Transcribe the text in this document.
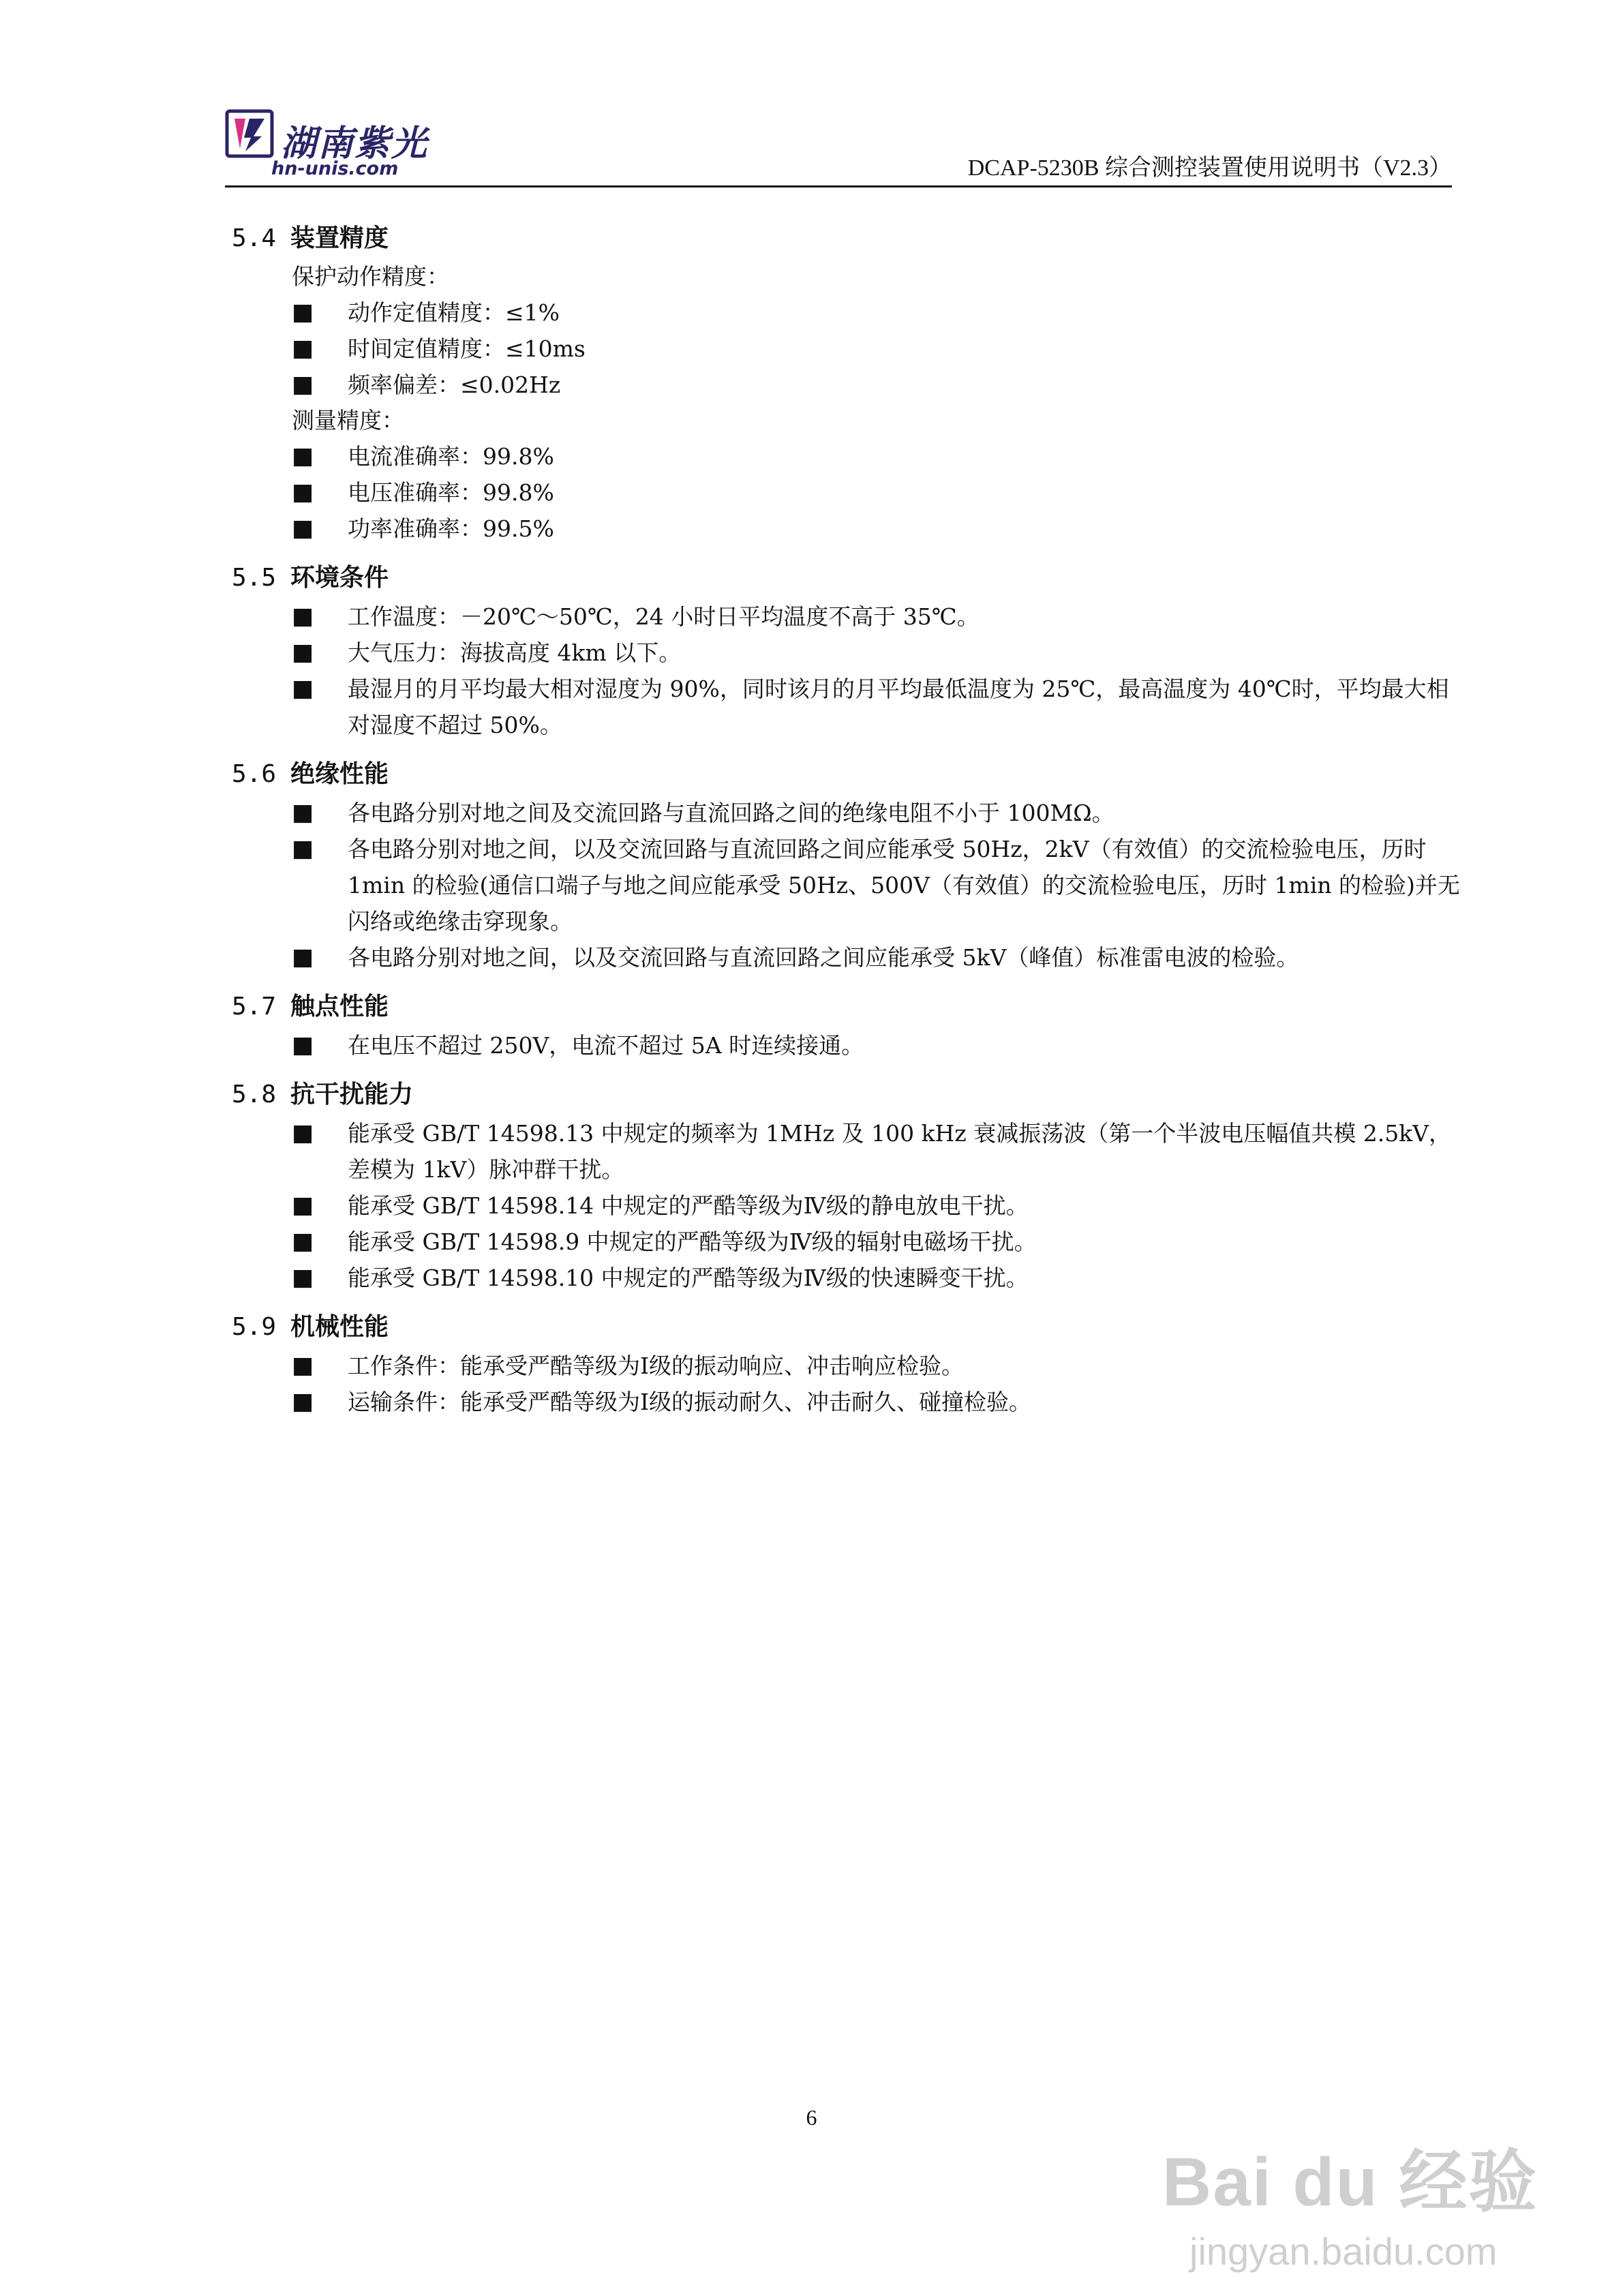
湖南紫光
hn-unis.com	DCAP-5230B 综合测控装置使用说明书（V2.3）
5.4 装置精度
保护动作精度：
■ 动作定值精度：≤1%
■ 时间定值精度：≤10ms
■ 频率偏差：≤0.02Hz
测量精度：
■ 电流准确率：99.8%
■ 电压准确率：99.8%
■ 功率准确率：99.5%
5.5 环境条件
■ 工作温度：－20℃～50℃，24 小时日平均温度不高于 35℃。
■ 大气压力：海拔高度 4km 以下。
■ 最湿月的月平均最大相对湿度为 90%，同时该月的月平均最低温度为 25℃，最高温度为 40℃时，平均最大相对湿度不超过 50%。
5.6 绝缘性能
■ 各电路分别对地之间及交流回路与直流回路之间的绝缘电阻不小于 100MΩ。
■ 各电路分别对地之间，以及交流回路与直流回路之间应能承受 50Hz，2kV（有效值）的交流检验电压，历时 1min 的检验(通信口端子与地之间应能承受 50Hz、500V（有效值）的交流检验电压，历时 1min 的检验)并无闪络或绝缘击穿现象。
■ 各电路分别对地之间，以及交流回路与直流回路之间应能承受 5kV（峰值）标准雷电波的检验。
5.7 触点性能
■ 在电压不超过 250V，电流不超过 5A 时连续接通。
5.8 抗干扰能力
■ 能承受 GB/T 14598.13 中规定的频率为 1MHz 及 100 kHz 衰减振荡波（第一个半波电压幅值共模 2.5kV，差模为 1kV）脉冲群干扰。
■ 能承受 GB/T 14598.14 中规定的严酷等级为Ⅳ级的静电放电干扰。
■ 能承受 GB/T 14598.9 中规定的严酷等级为Ⅳ级的辐射电磁场干扰。
■ 能承受 GB/T 14598.10 中规定的严酷等级为Ⅳ级的快速瞬变干扰。
5.9 机械性能
■ 工作条件：能承受严酷等级为Ⅰ级的振动响应、冲击响应检验。
■ 运输条件：能承受严酷等级为Ⅰ级的振动耐久、冲击耐久、碰撞检验。
6
Bai du 经验
jingyan.baidu.com
